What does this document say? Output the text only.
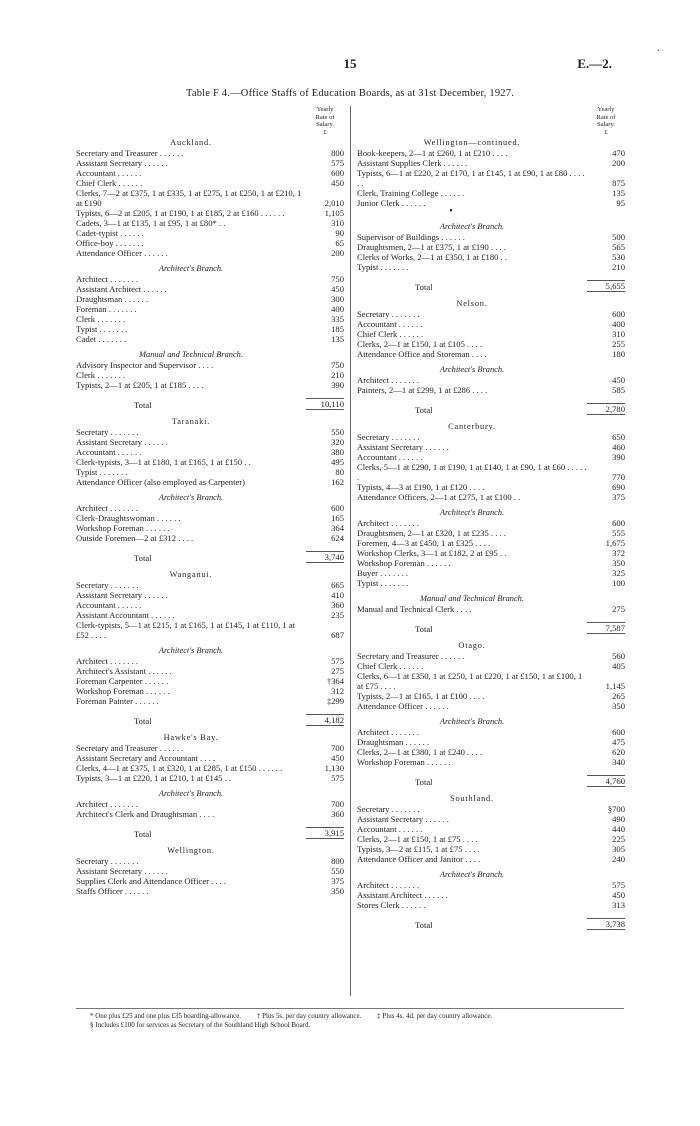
15	E.—2.
·
Table F 4.—Office Staffs of Education Boards, as at 31st December, 1927.
Yearly
Rate of
Salary.
£
Auckland.
Secretary and Treasurer . . . . . .	800
Assistant Secretary . . . . . .	575
Accountant . . . . . .	600
Chief Clerk . . . . . .	450
Clerks, 7—2 at £375, 1 at £335, 1 at £275, 1 at £250, 1 at £210, 1 at £190	2,010
Typists, 6—2 at £205, 1 at £190, 1 at £185, 2 at £160 . . . . . .	1,105
Cadets, 3—1 at £135, 1 at £95, 1 at £80* . .	310
Cadet-typist . . . . . .	90
Office-boy . . . . . . .	65
Attendance Officer . . . . . .	200
Architect's Branch.
Architect . . . . . . .	750
Assistant Architect . . . . . .	450
Draughtsman . . . . . .	300
Foreman . . . . . . .	400
Clerk . . . . . . .	335
Typist . . . . . . .	185
Cadet . . . . . . .	135
Manual and Technical Branch.
Advisory Inspector and Supervisor . . . .	750
Clerk . . . . . . .	210
Typists, 2—1 at £205, 1 at £185 . . . .	390
Total	10,110
Taranaki.
Secretary . . . . . . .	550
Assistant Secretary . . . . . .	320
Accountant . . . . . .	380
Clerk-typists, 3—1 at £180, 1 at £165, 1 at £150 . .	495
Typist . . . . . . .	80
Attendance Officer (also employed as Carpenter)	162
Architect's Branch.
Architect . . . . . . .	600
Clerk-Draughtswoman . . . . . .	165
Workshop Foreman . . . . . .	364
Outside Foremen—2 at £312 . . . .	624
Total	3,740
Wanganui.
Secretary . . . . . . .	665
Assistant Secretary . . . . . .	410
Accountant . . . . . .	360
Assistant Accountant . . . . . .	235
Clerk-typists, 5—1 at £215, 1 at £165, 1 at £145, 1 at £110, 1 at £52 . . . .	687
Architect's Branch.
Architect . . . . . . .	575
Architect's Assistant . . . . . .	275
Foreman Carpenter . . . . . .	†364
Workshop Foreman . . . . . .	312
Foreman Painter . . . . . .	‡299
Total	4,182
Hawke's Bay.
Secretary and Treasurer . . . . . .	700
Assistant Secretary and Accountant . . . .	450
Clerks, 4—1 at £375, 1 at £320, 1 at £285, 1 at £150 . . . . . .	1,130
Typists, 3—1 at £220, 1 at £210, 1 at £145 . .	575
Architect's Branch.
Architect . . . . . . .	700
Architect's Clerk and Draughtsman . . . .	360
Total	3,915
Wellington.
Secretary . . . . . . .	800
Assistant Secretary . . . . . .	550
Supplies Clerk and Attendance Officer . . . .	375
Staffs Officer . . . . . .	350
Yearly
Rate of
Salary.
£
Wellington—continued.
Book-keepers, 2—1 at £260, 1 at £210 . . . .	470
Assistant Supplies Clerk . . . . . .	200
Typists, 6—1 at £220, 2 at £170, 1 at £145, 1 at £90, 1 at £80 . . . . . .	875
Clerk, Training College . . . . . .	135
Junior Clerk . . . . . .	95
•
Architect's Branch.
Supervisor of Buildings . . . . . .	500
Draughtsmen, 2—1 at £375, 1 at £190 . . . .	565
Clerks of Works, 2—1 at £350, 1 at £180 . .	530
Typist . . . . . . .	210
Total	5,655
Nelson.
Secretary . . . . . . .	600
Accountant . . . . . .	400
Chief Clerk . . . . . .	310
Clerks, 2—1 at £150, 1 at £105 . . . .	255
Attendance Office and Storeman . . . .	180
Architect's Branch.
Architect . . . . . . .	450
Painters, 2—1 at £299, 1 at £286 . . . .	585
Total	2,780
Canterbury.
Secretary . . . . . . .	650
Assistant Secretary . . . . . .	460
Accountant . . . . . .	390
Clerks, 5—1 at £290, 1 at £190, 1 at £140, 1 at £90, 1 at £60 . . . . . .	770
Typists, 4—3 at £190, 1 at £120 . . . .	690
Attendance Officers, 2—1 at £275, 1 at £100 . .	375
Architect's Branch.
Architect . . . . . . .	600
Draughtsmen, 2—1 at £320, 1 at £235 . . . .	555
Foremen, 4—3 at £450, 1 at £325 . . . .	1,675
Workshop Clerks, 3—1 at £182, 2 at £95 . .	372
Workshop Foreman . . . . . .	350
Buyer . . . . . . .	325
Typist . . . . . . .	100
Manual and Technical Branch.
Manual and Technical Clerk . . . .	275
Total	7,587
Otago.
Secretary and Treasurer . . . . . .	560
Chief Clerk . . . . . .	405
Clerks, 6—1 at £350, 1 at £250, 1 at £220, 1 at £150, 1 at £100, 1 at £75 . . . .	1,145
Typists, 2—1 at £165, 1 at £100 . . . .	265
Attendance Officer . . . . . .	350
Architect's Branch.
Architect . . . . . . .	600
Draughtsman . . . . . .	475
Clerks, 2—1 at £380, 1 at £240 . . . .	620
Workshop Foreman . . . . . .	340
Total	4,760
Southland.
Secretary . . . . . . .	§700
Assistant Secretary . . . . . .	490
Accountant . . . . . .	440
Clerks, 2—1 at £150, 1 at £75 . . . .	225
Typists, 3—2 at £115, 1 at £75 . . . .	305
Attendance Officer and Janitor . . . .	240
Architect's Branch.
Architect . . . . . . .	575
Assistant Architect . . . . . .	450
Stores Clerk . . . . . .	313
Total	3,738
* One plus £25 and one plus £35 boarding-allowance. † Plus 5s. per day country allowance. ‡ Plus 4s. 4d. per day country allowance. § Includes £100 for services as Secretary of the Southland High School Board.
